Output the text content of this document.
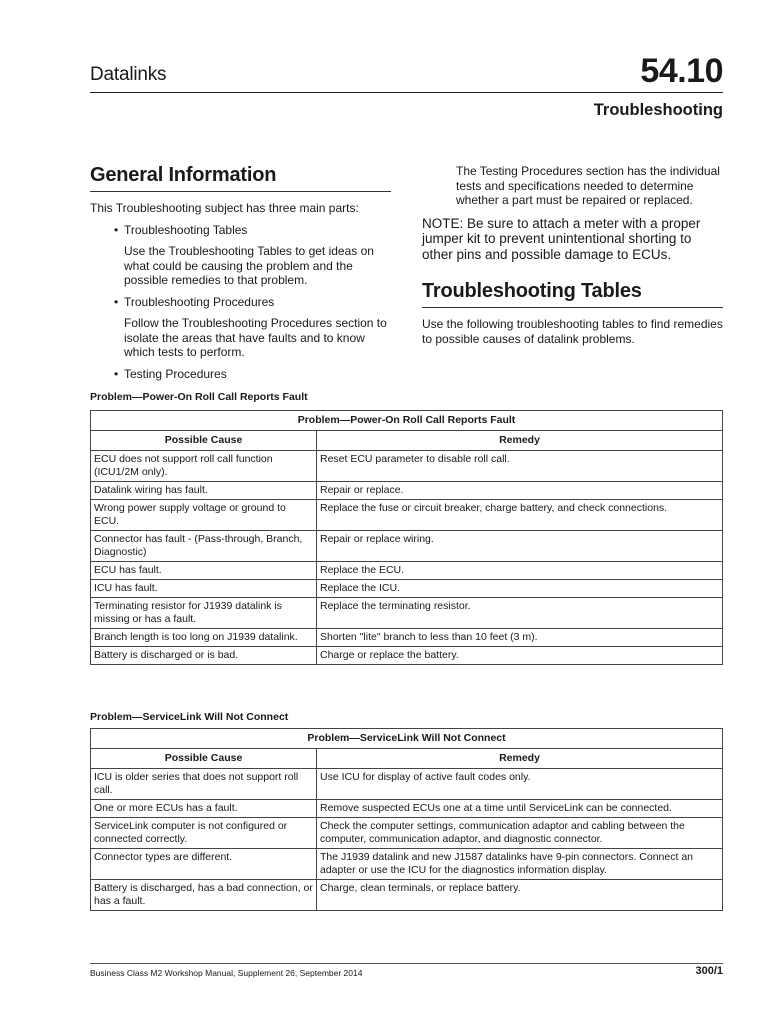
Datalinks	54.10
Troubleshooting
General Information

This Troubleshooting subject has three main parts:

• Troubleshooting Tables
Use the Troubleshooting Tables to get ideas on what could be causing the problem and the possible remedies to that problem.
• Troubleshooting Procedures
Follow the Troubleshooting Procedures section to isolate the areas that have faults and to know which tests to perform.
• Testing Procedures
The Testing Procedures section has the individual tests and specifications needed to determine whether a part must be repaired or replaced.

NOTE: Be sure to attach a meter with a proper jumper kit to prevent unintentional shorting to other pins and possible damage to ECUs.

Troubleshooting Tables

Use the following troubleshooting tables to find remedies to possible causes of datalink problems.

Problem—Power-On Roll Call Reports Fault
Problem—Power-On Roll Call Reports Fault	
Possible Cause	Remedy
ECU does not support roll call function (ICU1/2M only).	Reset ECU parameter to disable roll call.
Datalink wiring has fault.	Repair or replace.
Wrong power supply voltage or ground to ECU.	Replace the fuse or circuit breaker, charge battery, and check connections.
Connector has fault - (Pass-through, Branch, Diagnostic)	Repair or replace wiring.
ECU has fault.	Replace the ECU.
ICU has fault.	Replace the ICU.
Terminating resistor for J1939 datalink is missing or has a fault.	Replace the terminating resistor.
Branch length is too long on J1939 datalink.	Shorten "lite" branch to less than 10 feet (3 m).
Battery is discharged or is bad.	Charge or replace the battery.
Problem—ServiceLink Will Not Connect
Problem—ServiceLink Will Not Connect	
Possible Cause	Remedy
ICU is older series that does not support roll call.	Use ICU for display of active fault codes only.
One or more ECUs has a fault.	Remove suspected ECUs one at a time until ServiceLink can be connected.
ServiceLink computer is not configured or connected correctly.	Check the computer settings, communication adaptor and cabling between the computer, communication adaptor, and diagnostic connector.
Connector types are different.	The J1939 datalink and new J1587 datalinks have 9-pin connectors. Connect an adapter or use the ICU for the diagnostics information display.
Battery is discharged, has a bad connection, or has a fault.	Charge, clean terminals, or replace battery.
Business Class M2 Workshop Manual, Supplement 26, September 2014	300/1
